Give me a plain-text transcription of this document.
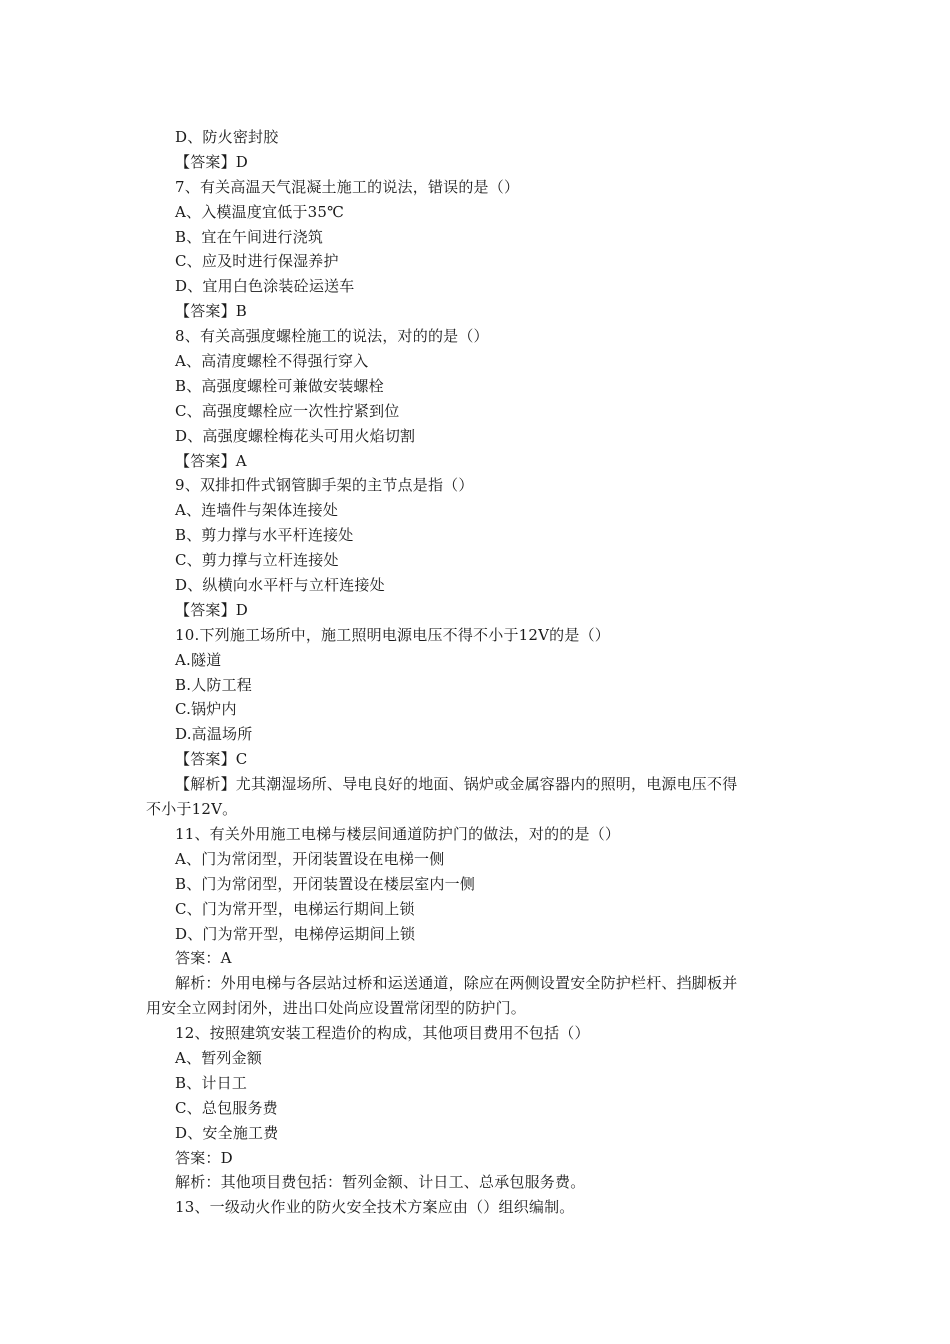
D、防火密封胶
【答案】D
7、有关高温天气混凝土施工的说法，错误的是（）
A、入模温度宜低于35℃
B、宜在午间进行浇筑
C、应及时进行保湿养护
D、宜用白色涂装砼运送车
【答案】B
8、有关高强度螺栓施工的说法，对的的是（）
A、高清度螺栓不得强行穿入
B、高强度螺栓可兼做安装螺栓
C、高强度螺栓应一次性拧紧到位
D、高强度螺栓梅花头可用火焰切割
【答案】A
9、双排扣件式钢管脚手架的主节点是指（）
A、连墙件与架体连接处
B、剪力撑与水平杆连接处
C、剪力撑与立杆连接处
D、纵横向水平杆与立杆连接处
【答案】D
10.下列施工场所中，施工照明电源电压不得不小于12V的是（）
A.隧道
B.人防工程
C.锅炉内
D.高温场所
【答案】C
【解析】尤其潮湿场所、导电良好的地面、锅炉或金属容器内的照明，电源电压不得
不小于12V。
11、有关外用施工电梯与楼层间通道防护门的做法，对的的是（）
A、门为常闭型，开闭装置设在电梯一侧
B、门为常闭型，开闭装置设在楼层室内一侧
C、门为常开型，电梯运行期间上锁
D、门为常开型，电梯停运期间上锁
答案：A
解析：外用电梯与各层站过桥和运送通道，除应在两侧设置安全防护栏杆、挡脚板并
用安全立网封闭外，进出口处尚应设置常闭型的防护门。
12、按照建筑安装工程造价的构成，其他项目费用不包括（）
A、暂列金额
B、计日工
C、总包服务费
D、安全施工费
答案：D
解析：其他项目费包括：暂列金额、计日工、总承包服务费。
13、一级动火作业的防火安全技术方案应由（）组织编制。
